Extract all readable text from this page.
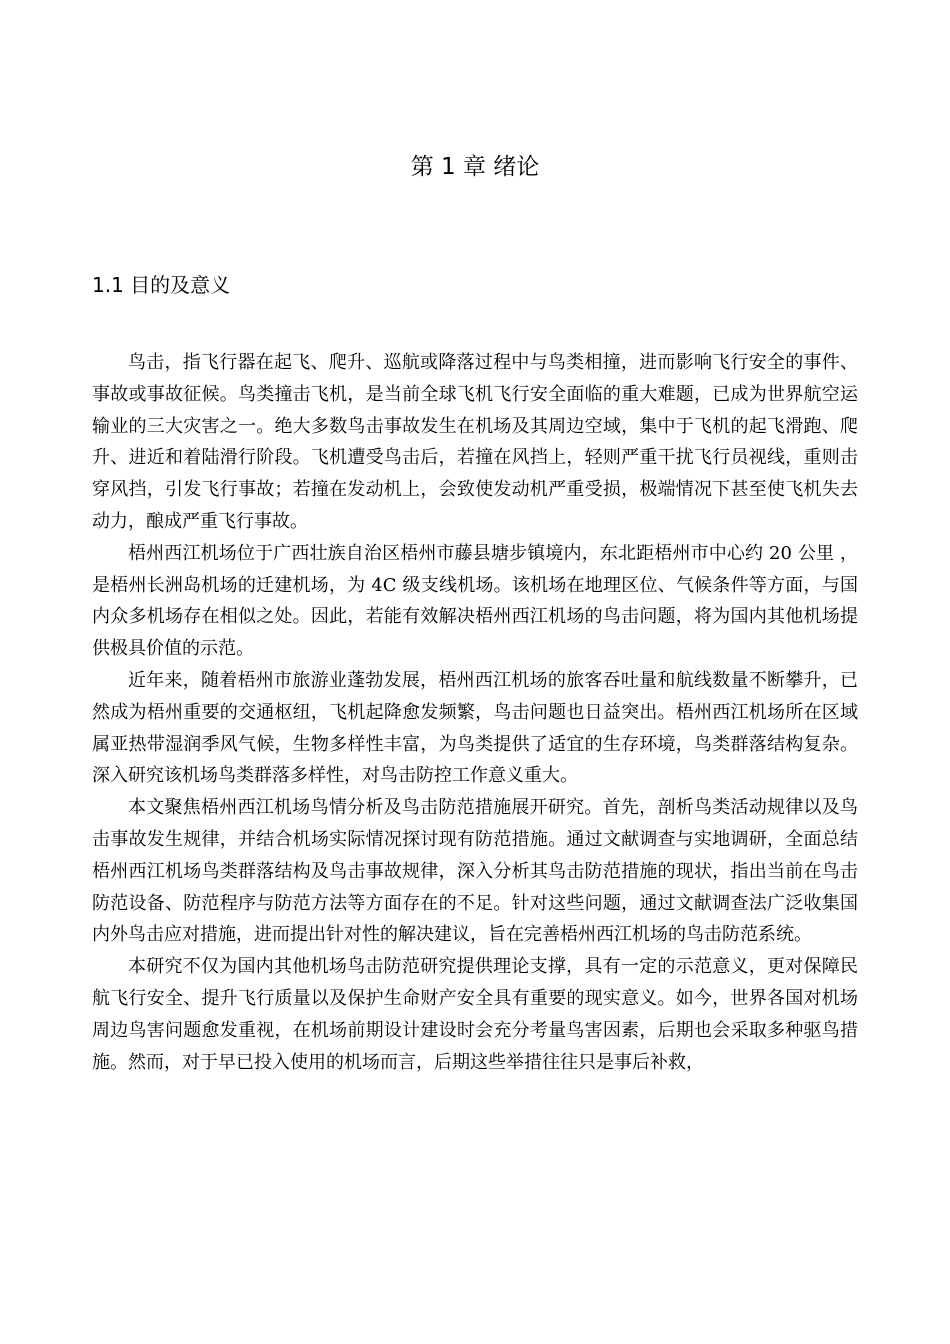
第 1 章 绪论
1.1 目的及意义

鸟击，指飞行器在起飞、爬升、巡航或降落过程中与鸟类相撞，进而影响飞行安全的事件、事故或事故征候。鸟类撞击飞机，是当前全球飞机飞行安全面临的重大难题，已成为世界航空运输业的三大灾害之一。绝大多数鸟击事故发生在机场及其周边空域，集中于飞机的起飞滑跑、爬升、进近和着陆滑行阶段。飞机遭受鸟击后，若撞在风挡上，轻则严重干扰飞行员视线，重则击穿风挡，引发飞行事故；若撞在发动机上，会致使发动机严重受损，极端情况下甚至使飞机失去动力，酿成严重飞行事故。

梧州西江机场位于广西壮族自治区梧州市藤县塘步镇境内，东北距梧州市中心约 20 公里 ，是梧州长洲岛机场的迁建机场，为 4C 级支线机场。该机场在地理区位、气候条件等方面，与国内众多机场存在相似之处。因此，若能有效解决梧州西江机场的鸟击问题，将为国内其他机场提供极具价值的示范。

近年来，随着梧州市旅游业蓬勃发展，梧州西江机场的旅客吞吐量和航线数量不断攀升，已然成为梧州重要的交通枢纽，飞机起降愈发频繁，鸟击问题也日益突出。梧州西江机场所在区域属亚热带湿润季风气候，生物多样性丰富，为鸟类提供了适宜的生存环境，鸟类群落结构复杂。深入研究该机场鸟类群落多样性，对鸟击防控工作意义重大。

本文聚焦梧州西江机场鸟情分析及鸟击防范措施展开研究。首先，剖析鸟类活动规律以及鸟击事故发生规律，并结合机场实际情况探讨现有防范措施。通过文献调查与实地调研，全面总结梧州西江机场鸟类群落结构及鸟击事故规律，深入分析其鸟击防范措施的现状，指出当前在鸟击防范设备、防范程序与防范方法等方面存在的不足。针对这些问题，通过文献调查法广泛收集国内外鸟击应对措施，进而提出针对性的解决建议，旨在完善梧州西江机场的鸟击防范系统。

本研究不仅为国内其他机场鸟击防范研究提供理论支撑，具有一定的示范意义，更对保障民航飞行安全、提升飞行质量以及保护生命财产安全具有重要的现实意义。如今，世界各国对机场周边鸟害问题愈发重视，在机场前期设计建设时会充分考量鸟害因素，后期也会采取多种驱鸟措施。然而，对于早已投入使用的机场而言，后期这些举措往往只是事后补救，
